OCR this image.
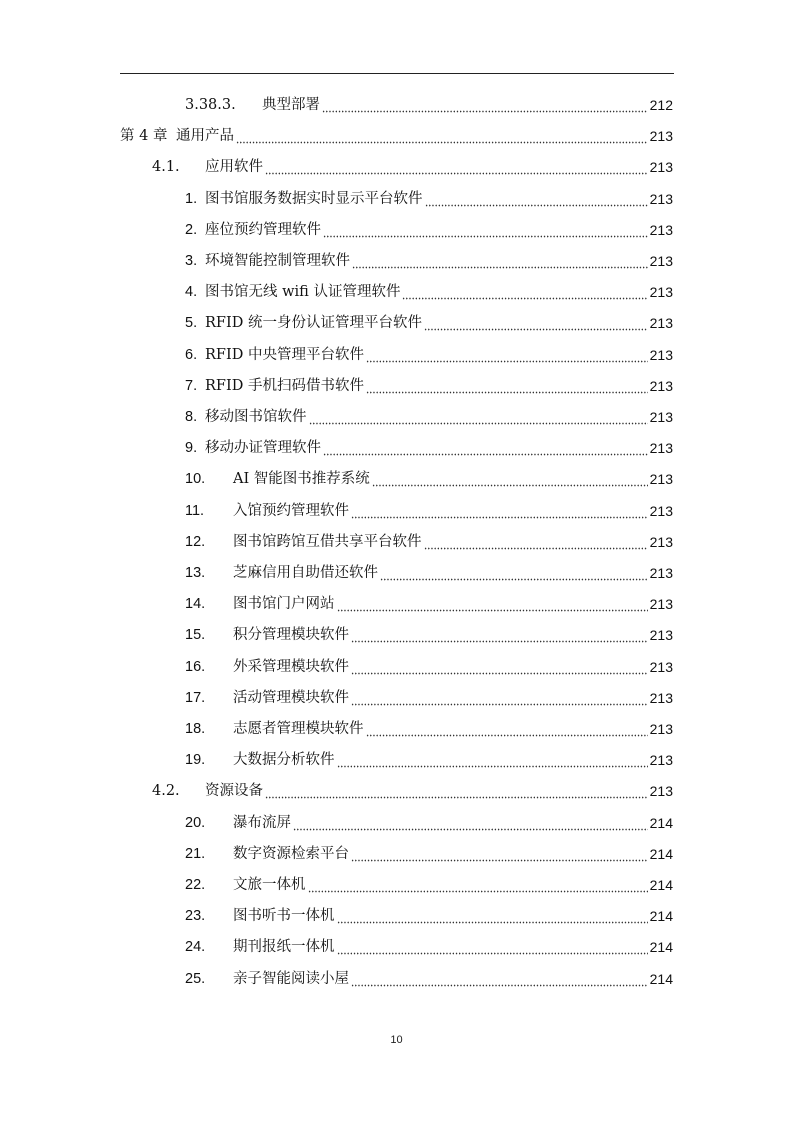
3.38.3.	典型部署	212
第 4 章 通用产品	213
4.1.	应用软件	213
1. 图书馆服务数据实时显示平台软件	213
2. 座位预约管理软件	213
3. 环境智能控制管理软件	213
4. 图书馆无线 wifi 认证管理软件	213
5. RFID 统一身份认证管理平台软件	213
6. RFID 中央管理平台软件	213
7. RFID 手机扫码借书软件	213
8. 移动图书馆软件	213
9. 移动办证管理软件	213
10.	AI 智能图书推荐系统	213
11.	入馆预约管理软件	213
12.	图书馆跨馆互借共享平台软件	213
13.	芝麻信用自助借还软件	213
14.	图书馆门户网站	213
15.	积分管理模块软件	213
16.	外采管理模块软件	213
17.	活动管理模块软件	213
18.	志愿者管理模块软件	213
19.	大数据分析软件	213
4.2.	资源设备	213
20.	瀑布流屏	214
21.	数字资源检索平台	214
22.	文旅一体机	214
23.	图书听书一体机	214
24.	期刊报纸一体机	214
25.	亲子智能阅读小屋	214
10
